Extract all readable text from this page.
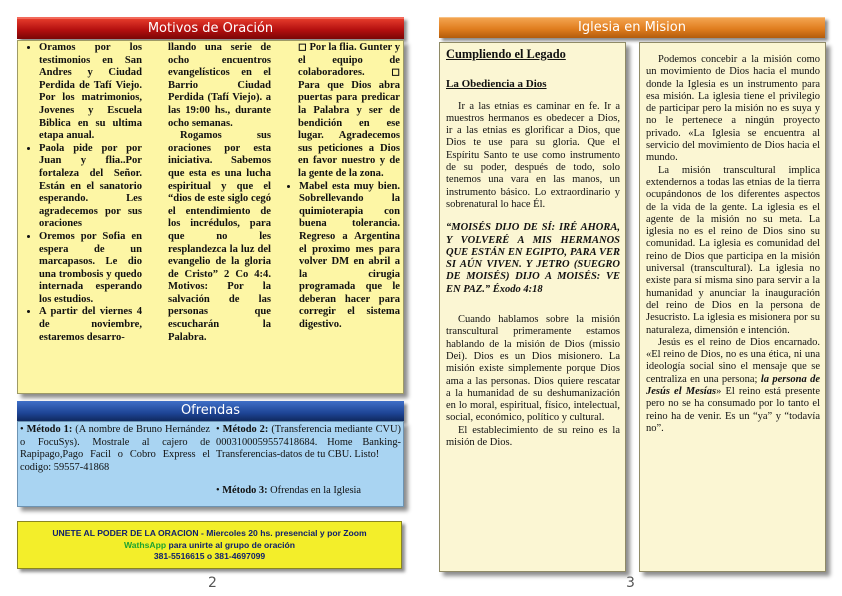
Motivos de Oración
• Oramos por los testimonios en San Andres y Ciudad Perdida de Tafí Viejo. Por los matrimonios, Jovenes y Escuela Biblica en su ultima etapa anual.
• Paola pide por por Juan y flia..Por fortaleza del Señor. Están en el sanatorio esperando. Les agradecemos por sus oraciones
• Oremos por Sofia en espera de un marcapasos. Le dio una trombosis y quedo internada esperando los estudios.
• A partir del viernes 4 de noviembre, estaremos desarro-

llando una serie de ocho encuentros evangelísticos en el Barrio Ciudad Perdida (Tafí Viejo). a las 19:00 hs., durante ocho semanas.

Rogamos sus oraciones por esta iniciativa. Sabemos que esta es una lucha espiritual y que el “dios de este siglo cegó el entendimiento de los incrédulos, para que no les resplandezca la luz del evangelio de la gloria de Cristo” 2 Co 4:4. Motivos: Por la salvación de las personas que escucharán la Palabra.

◻ Por la flia. Gunter y el equipo de colaboradores. ◻ Para que Dios abra puertas para predicar la Palabra y ser de bendición en ese lugar. Agradecemos sus peticiones a Dios en favor nuestro y de la gente de la zona.

• Mabel esta muy bien. Sobrellevando la quimioterapia con buena tolerancia. Regreso a Argentina el proximo mes para volver DM en abril a la cirugia programada que le deberan hacer para corregir el sistema digestivo.
Ofrendas
• Método 1: (A nombre de Bruno Hernández o FocuSys). Mostrale al cajero de Rapipago,Pago Facil o Cobro Express el codigo: 59557-41868
• Método 2: (Transferencia mediante CVU) 0003100059557418684. Home Banking- Transferencias-datos de tu CBU. Listo!
• Método 3: Ofrendas en la Iglesia
UNETE AL PODER DE LA ORACION - Miercoles 20 hs. presencial y por Zoom
WathsApp para unirte al grupo de oración
381-5516615 o 381-4697099
2
Iglesia en Mision

Cumpliendo el Legado

La Obediencia a Dios

Ir a las etnias es caminar en fe. Ir a muestros hermanos es obedecer a Dios, ir a las etnias es glorificar a Dios, que Dios te use para su gloria. Que el Espíritu Santo te use como instrumento de su poder, después de todo, solo tenemos una vara en las manos, un instrumento básico. Lo extraordinario y sobrenatural lo hace Él.

“MOISÉS DIJO DE SÍ: IRÉ AHORA, Y VOLVERÉ A MIS HERMANOS QUE ESTÁN EN EGIPTO, PARA VER SI AÚN VIVEN. Y JETRO (SUEGRO DE MOISÉS) DIJO A MOISÉS: VE EN PAZ.” Éxodo 4:18

Cuando hablamos sobre la misión transcultural primeramente estamos hablando de la misión de Dios (missio Dei). Dios es un Dios misionero. La misión existe simplemente porque Dios ama a las personas. Dios quiere rescatar a la humanidad de su deshumanización en lo moral, espiritual, físico, intelectual, social, económico, político y cultural.

El establecimiento de su reino es la misión de Dios.

Podemos concebir a la misión como un movimiento de Dios hacia el mundo donde la Iglesia es un instrumento para esa misión. La iglesia tiene el privilegio de participar pero la misión no es suya y no le pertenece a ningún proyecto privado. «La Iglesia se encuentra al servicio del movimiento de Dios hacia el mundo.

La misión transcultural implica extendernos a todas las etnias de la tierra ocupándonos de los diferentes aspectos de la vida de la gente. La iglesia es el agente de la misión no su meta. La iglesia no es el reino de Dios sino su comunidad. La iglesia es comunidad del reino de Dios que participa en la misión universal (transcultural). La iglesia no existe para sí misma sino para servir a la humanidad y anunciar la inauguración del reino de Dios en la persona de Jesucristo. La iglesia es misionera por su naturaleza, dimensión e intención.

Jesús es el reino de Dios encarnado. «El reino de Dios, no es una ética, ni una ideología social sino el mensaje que se centraliza en una persona; la persona de Jesús el Mesías» El reino está presente pero no se ha consumado por lo tanto el reino ha de venir. Es un “ya” y “todavía no”.

3
